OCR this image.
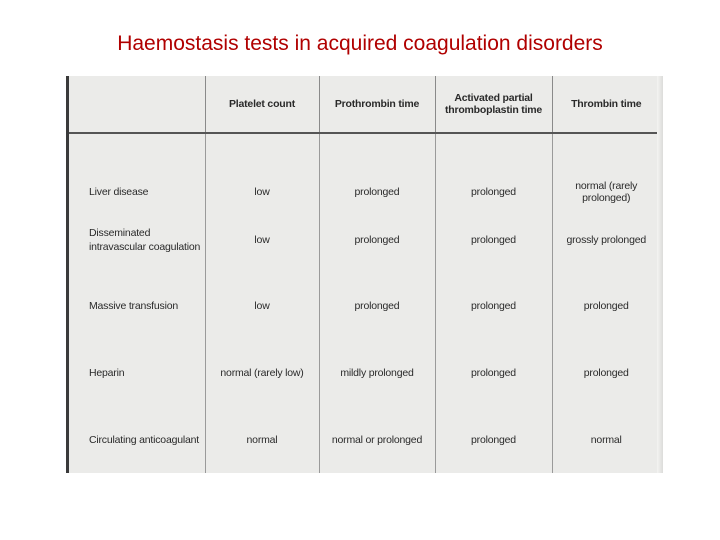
Haemostasis tests in acquired coagulation disorders
	Platelet count	Prothrombin time	Activated partial thromboplastin time	Thrombin time

Liver disease	low	prolonged	prolonged	normal (rarely prolonged)
Disseminated intravascular coagulation	low	prolonged	prolonged	grossly prolonged
Massive transfusion	low	prolonged	prolonged	prolonged
Heparin	normal (rarely low)	mildly prolonged	prolonged	prolonged
Circulating anticoagulant	normal	normal or prolonged	prolonged	normal
